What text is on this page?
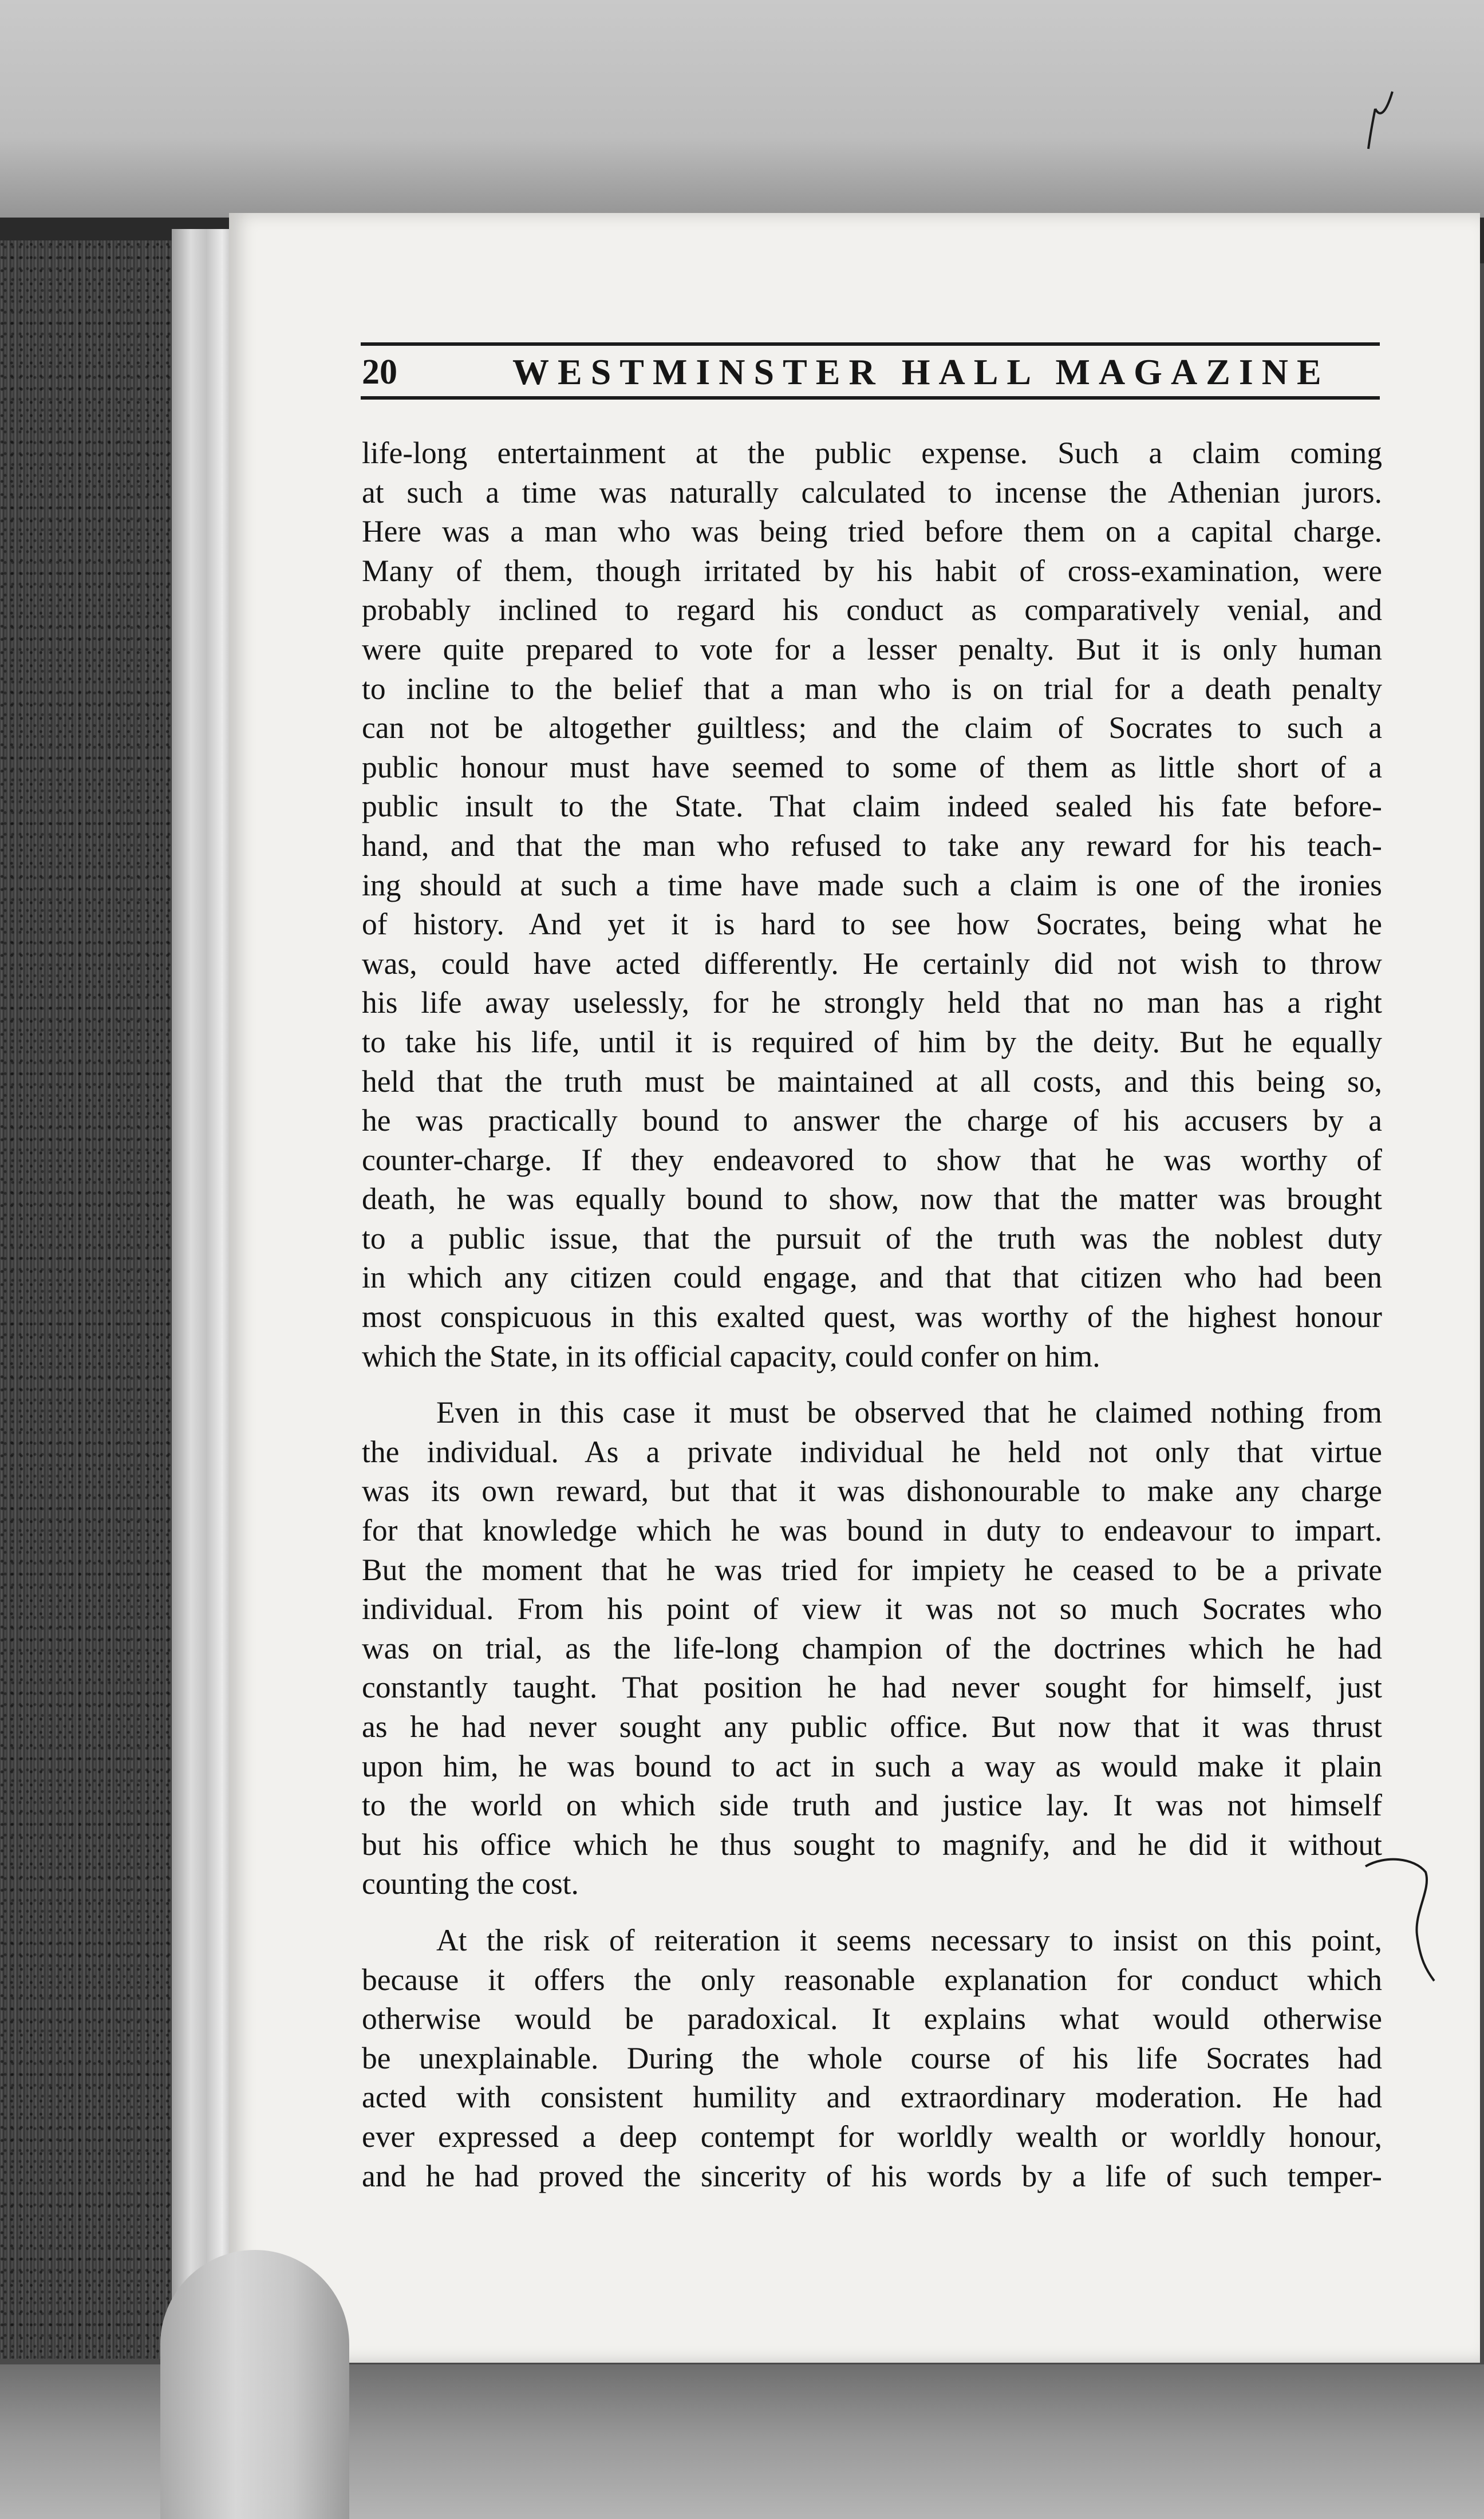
20	WESTMINSTER HALL MAGAZINE
life-long entertainment at the public expense. Such a claim coming
at such a time was naturally calculated to incense the Athenian jurors.
Here was a man who was being tried before them on a capital charge.
Many of them, though irritated by his habit of cross-examination, were
probably inclined to regard his conduct as comparatively venial, and
were quite prepared to vote for a lesser penalty. But it is only human
to incline to the belief that a man who is on trial for a death penalty
can not be altogether guiltless; and the claim of Socrates to such a
public honour must have seemed to some of them as little short of a
public insult to the State. That claim indeed sealed his fate before-
hand, and that the man who refused to take any reward for his teach-
ing should at such a time have made such a claim is one of the ironies
of history. And yet it is hard to see how Socrates, being what he
was, could have acted differently. He certainly did not wish to throw
his life away uselessly, for he strongly held that no man has a right
to take his life, until it is required of him by the deity. But he equally
held that the truth must be maintained at all costs, and this being so,
he was practically bound to answer the charge of his accusers by a
counter-charge. If they endeavored to show that he was worthy of
death, he was equally bound to show, now that the matter was brought
to a public issue, that the pursuit of the truth was the noblest duty
in which any citizen could engage, and that that citizen who had been
most conspicuous in this exalted quest, was worthy of the highest honour
which the State, in its official capacity, could confer on him.
Even in this case it must be observed that he claimed nothing from
the individual. As a private individual he held not only that virtue
was its own reward, but that it was dishonourable to make any charge
for that knowledge which he was bound in duty to endeavour to impart.
But the moment that he was tried for impiety he ceased to be a private
individual. From his point of view it was not so much Socrates who
was on trial, as the life-long champion of the doctrines which he had
constantly taught. That position he had never sought for himself, just
as he had never sought any public office. But now that it was thrust
upon him, he was bound to act in such a way as would make it plain
to the world on which side truth and justice lay. It was not himself
but his office which he thus sought to magnify, and he did it without
counting the cost.
At the risk of reiteration it seems necessary to insist on this point,
because it offers the only reasonable explanation for conduct which
otherwise would be paradoxical. It explains what would otherwise
be unexplainable. During the whole course of his life Socrates had
acted with consistent humility and extraordinary moderation. He had
ever expressed a deep contempt for worldly wealth or worldly honour,
and he had proved the sincerity of his words by a life of such temper-
